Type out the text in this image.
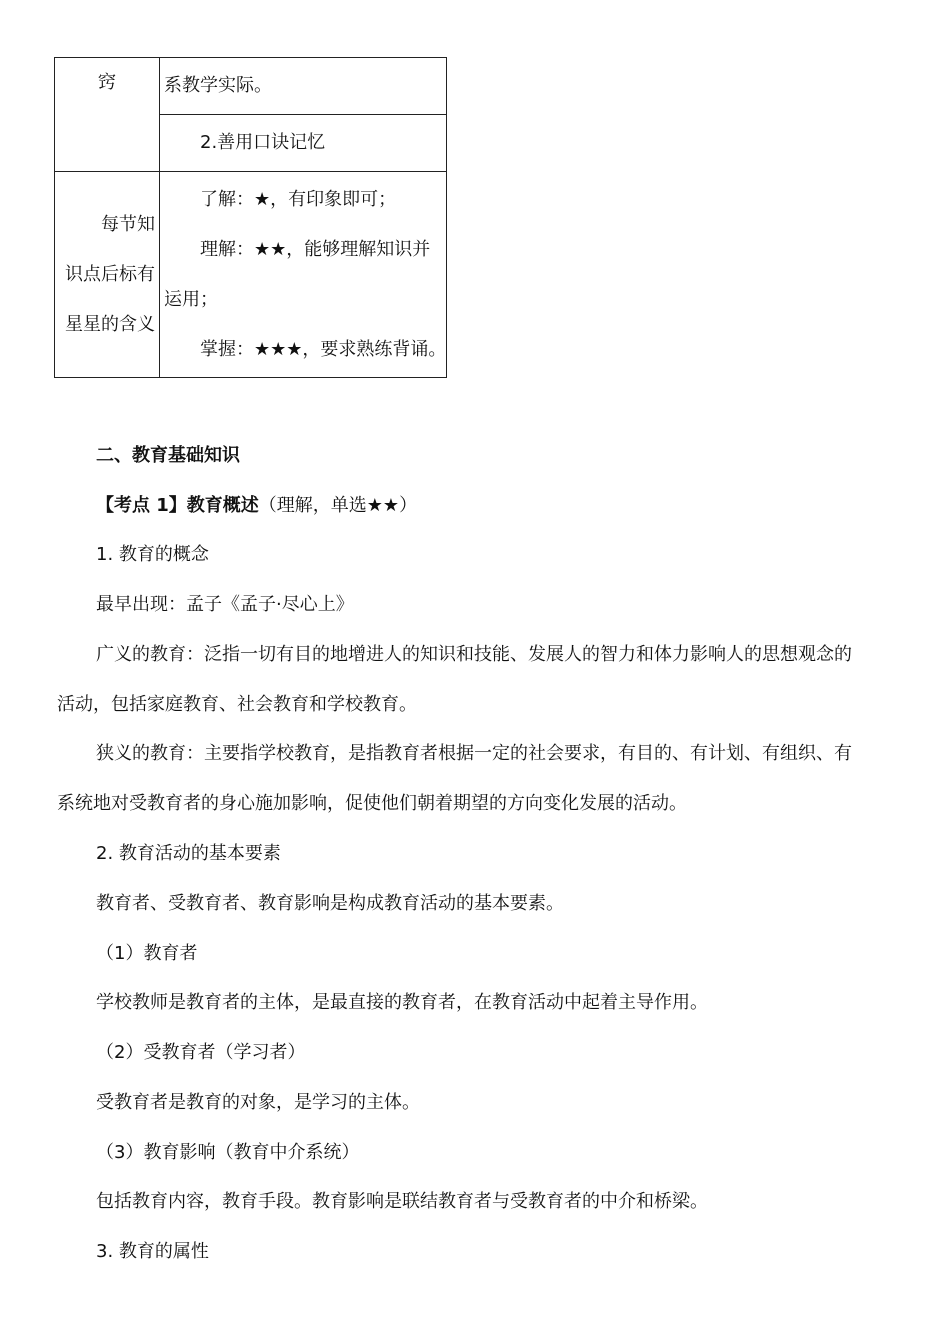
窍	系教学实际。

	2.善用口诀记忆

每节知
识点后标有
星星的含义	了解：★，有印象即可；
理解：★★，能够理解知识并
运用；
掌握：★★★，要求熟练背诵。
二、教育基础知识
【考点 1】教育概述（理解，单选★★）
1. 教育的概念
最早出现：孟子《孟子·尽心上》
广义的教育：泛指一切有目的地增进人的知识和技能、发展人的智力和体力影响人的思想观念的
活动，包括家庭教育、社会教育和学校教育。
狭义的教育：主要指学校教育，是指教育者根据一定的社会要求，有目的、有计划、有组织、有
系统地对受教育者的身心施加影响，促使他们朝着期望的方向变化发展的活动。
2. 教育活动的基本要素
教育者、受教育者、教育影响是构成教育活动的基本要素。
（1）教育者
学校教师是教育者的主体，是最直接的教育者，在教育活动中起着主导作用。
（2）受教育者（学习者）
受教育者是教育的对象，是学习的主体。
（3）教育影响（教育中介系统）
包括教育内容，教育手段。教育影响是联结教育者与受教育者的中介和桥梁。
3. 教育的属性
